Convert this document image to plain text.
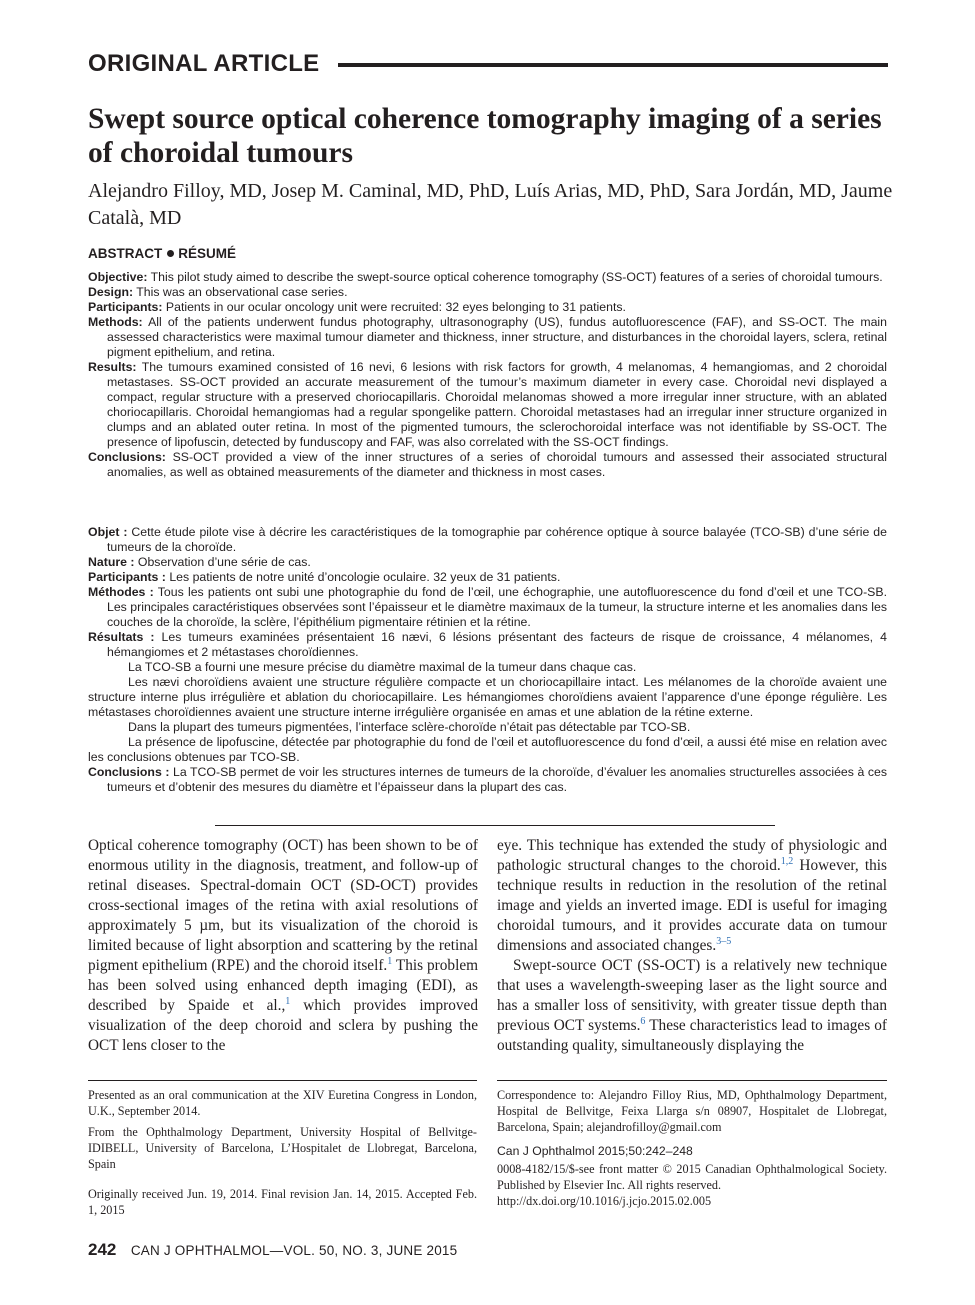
ORIGINAL ARTICLE
Swept source optical coherence tomography imaging of a series of choroidal tumours
Alejandro Filloy, MD, Josep M. Caminal, MD, PhD, Luís Arias, MD, PhD, Sara Jordán, MD, Jaume Català, MD
ABSTRACT RÉSUMÉ

Objective: This pilot study aimed to describe the swept-source optical coherence tomography (SS-OCT) features of a series of choroidal tumours.

Design: This was an observational case series.

Participants: Patients in our ocular oncology unit were recruited: 32 eyes belonging to 31 patients.

Methods: All of the patients underwent fundus photography, ultrasonography (US), fundus autofluorescence (FAF), and SS-OCT. The main assessed characteristics were maximal tumour diameter and thickness, inner structure, and disturbances in the choroidal layers, sclera, retinal pigment epithelium, and retina.

Results: The tumours examined consisted of 16 nevi, 6 lesions with risk factors for growth, 4 melanomas, 4 hemangiomas, and 2 choroidal metastases. SS-OCT provided an accurate measurement of the tumour’s maximum diameter in every case. Choroidal nevi displayed a compact, regular structure with a preserved choriocapillaris. Choroidal melanomas showed a more irregular inner structure, with an ablated choriocapillaris. Choroidal hemangiomas had a regular spongelike pattern. Choroidal metastases had an irregular inner structure organized in clumps and an ablated outer retina. In most of the pigmented tumours, the sclerochoroidal interface was not identifiable by SS-OCT. The presence of lipofuscin, detected by funduscopy and FAF, was also correlated with the SS-OCT findings.

Conclusions: SS-OCT provided a view of the inner structures of a series of choroidal tumours and assessed their associated structural anomalies, as well as obtained measurements of the diameter and thickness in most cases.

Objet : Cette étude pilote vise à décrire les caractéristiques de la tomographie par cohérence optique à source balayée (TCO-SB) d’une série de tumeurs de la choroïde.

Nature : Observation d’une série de cas.

Participants : Les patients de notre unité d’oncologie oculaire. 32 yeux de 31 patients.

Méthodes : Tous les patients ont subi une photographie du fond de l’œil, une échographie, une autofluorescence du fond d’œil et une TCO-SB. Les principales caractéristiques observées sont l’épaisseur et le diamètre maximaux de la tumeur, la structure interne et les anomalies dans les couches de la choroïde, la sclère, l’épithélium pigmentaire rétinien et la rétine.

Résultats : Les tumeurs examinées présentaient 16 nævi, 6 lésions présentant des facteurs de risque de croissance, 4 mélanomes, 4 hémangiomes et 2 métastases choroïdiennes.

La TCO-SB a fourni une mesure précise du diamètre maximal de la tumeur dans chaque cas.

Les nævi choroïdiens avaient une structure régulière compacte et un choriocapillaire intact. Les mélanomes de la choroïde avaient une structure interne plus irrégulière et ablation du choriocapillaire. Les hémangiomes choroïdiens avaient l’apparence d’une éponge régulière. Les métastases choroïdiennes avaient une structure interne irrégulière organisée en amas et une ablation de la rétine externe.

Dans la plupart des tumeurs pigmentées, l’interface sclère-choroïde n’était pas détectable par TCO-SB.

La présence de lipofuscine, détectée par photographie du fond de l’œil et autofluorescence du fond d’œil, a aussi été mise en relation avec les conclusions obtenues par TCO-SB.

Conclusions : La TCO-SB permet de voir les structures internes de tumeurs de la choroïde, d’évaluer les anomalies structurelles associées à ces tumeurs et d’obtenir des mesures du diamètre et l’épaisseur dans la plupart des cas.

Optical coherence tomography (OCT) has been shown to be of enormous utility in the diagnosis, treatment, and follow-up of retinal diseases. Spectral-domain OCT (SD-OCT) provides cross-sectional images of the retina with axial resolutions of approximately 5 µm, but its visualization of the choroid is limited because of light absorption and scattering by the retinal pigment epithelium (RPE) and the choroid itself.$^1$ This problem has been solved using enhanced depth imaging (EDI), as described by Spaide et al.,$^1$ which provides improved visualization of the deep choroid and sclera by pushing the OCT lens closer to the

eye. This technique has extended the study of physiologic and pathologic structural changes to the choroid.$^{1,2}$ However, this technique results in reduction in the resolution of the retinal image and yields an inverted image. EDI is useful for imaging choroidal tumours, and it provides accurate data on tumour dimensions and associated changes.$^{3-5}$

Swept-source OCT (SS-OCT) is a relatively new technique that uses a wavelength-sweeping laser as the light source and has a smaller loss of sensitivity, with greater tissue depth than previous OCT systems.$^6$ These characteristics lead to images of outstanding quality, simultaneously displaying the

Presented as an oral communication at the XIV Euretina Congress in London, U.K., September 2014.

From the Ophthalmology Department, University Hospital of Bellvitge-IDIBELL, University of Barcelona, L’Hospitalet de Llobregat, Barcelona, Spain

Originally received Jun. 19, 2014. Final revision Jan. 14, 2015. Accepted Feb. 1, 2015

Correspondence to: Alejandro Filloy Rius, MD, Ophthalmology Department, Hospital de Bellvitge, Feixa Llarga s/n 08907, Hospitalet de Llobregat, Barcelona, Spain; alejandrofilloy@gmail.com

Can J Ophthalmol 2015;50:242–248

0008-4182/15/$-see front matter © 2015 Canadian Ophthalmological Society. Published by Elsevier Inc. All rights reserved.

http://dx.doi.org/10.1016/j.jcjo.2015.02.005

242 CAN J OPHTHALMOL—VOL. 50, NO. 3, JUNE 2015
